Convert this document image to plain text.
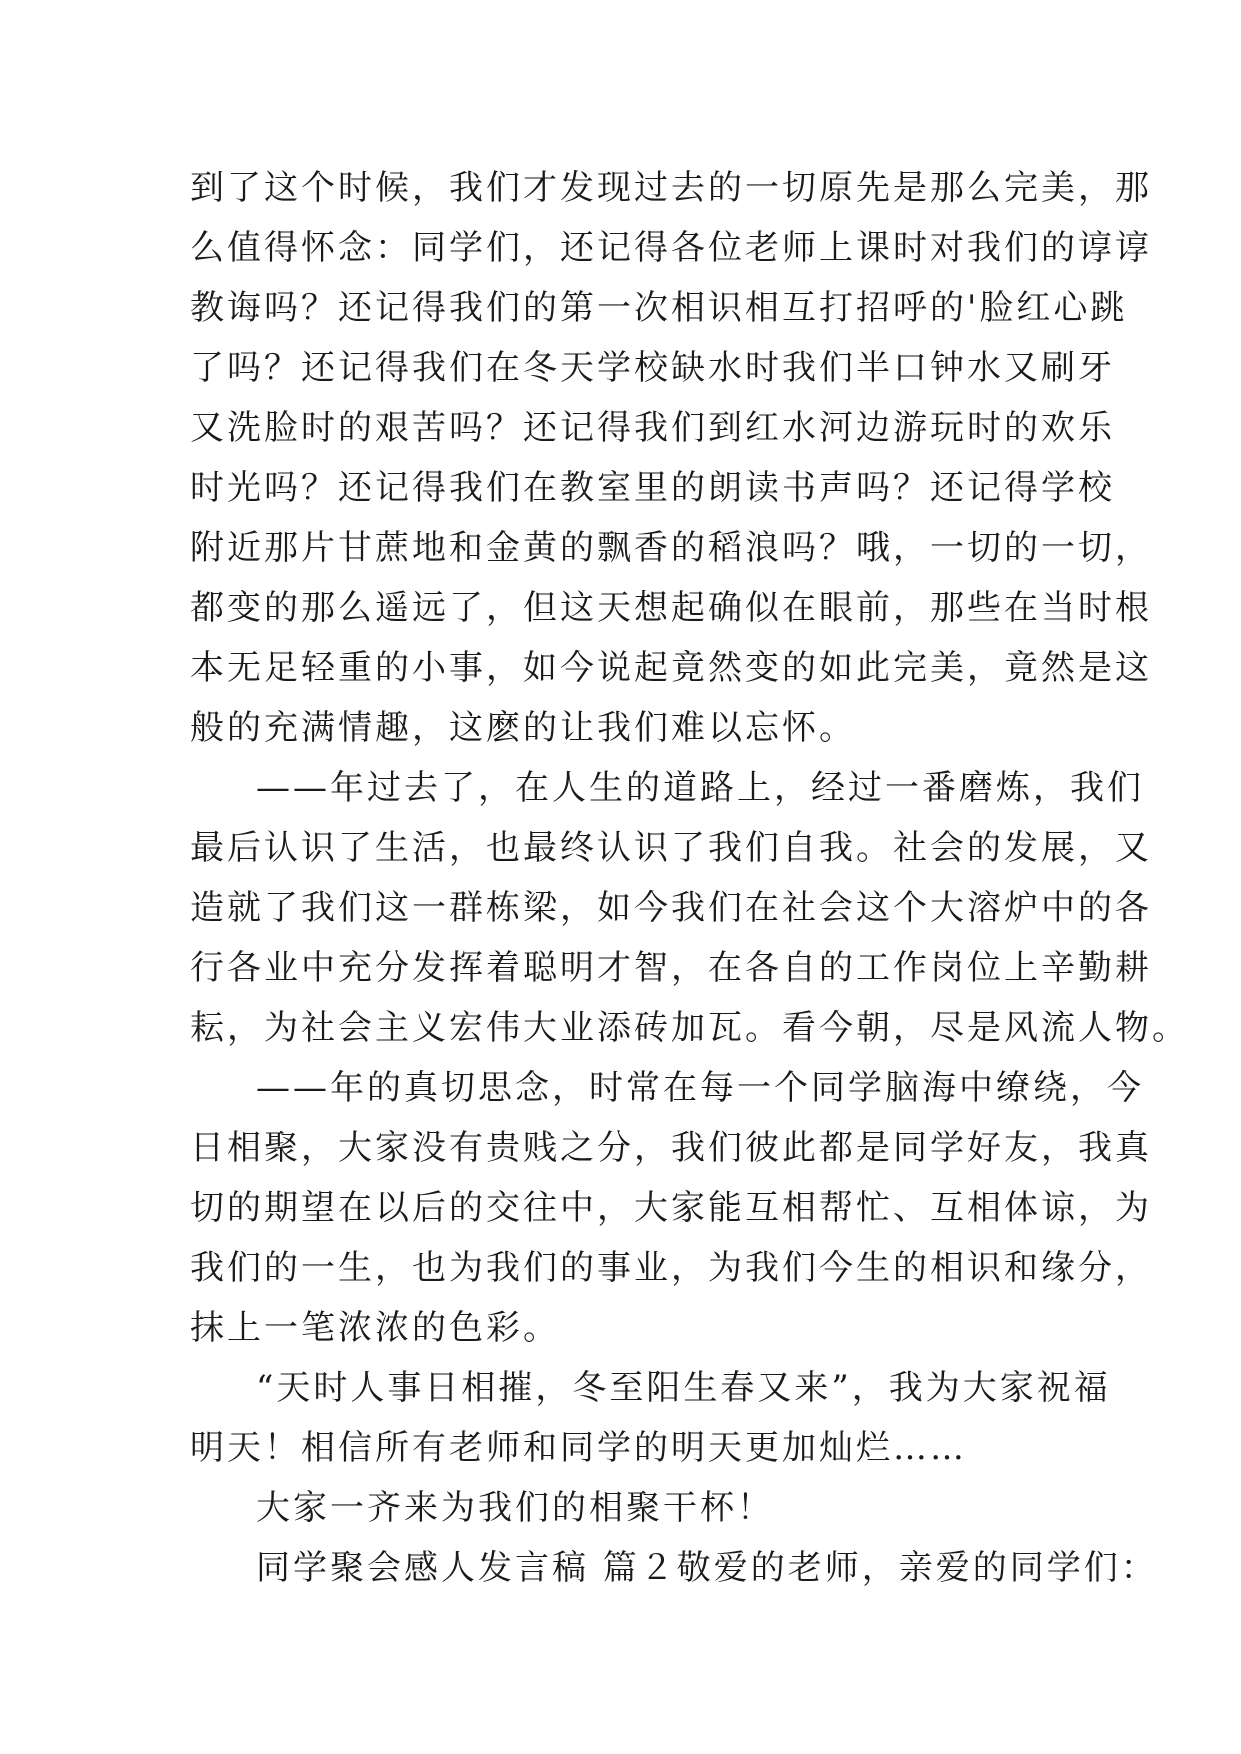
到了这个时候，我们才发现过去的一切原先是那么完美，那
么值得怀念：同学们，还记得各位老师上课时对我们的谆谆
教诲吗？还记得我们的第一次相识相互打招呼的'脸红心跳
了吗？还记得我们在冬天学校缺水时我们半口钟水又刷牙
又洗脸时的艰苦吗？还记得我们到红水河边游玩时的欢乐
时光吗？还记得我们在教室里的朗读书声吗？还记得学校
附近那片甘蔗地和金黄的飘香的稻浪吗？哦，一切的一切，
都变的那么遥远了，但这天想起确似在眼前，那些在当时根
本无足轻重的小事，如今说起竟然变的如此完美，竟然是这
般的充满情趣，这麽的让我们难以忘怀。
——年过去了，在人生的道路上，经过一番磨炼，我们
最后认识了生活，也最终认识了我们自我。社会的发展，又
造就了我们这一群栋梁，如今我们在社会这个大溶炉中的各
行各业中充分发挥着聪明才智，在各自的工作岗位上辛勤耕
耘，为社会主义宏伟大业添砖加瓦。看今朝，尽是风流人物。
——年的真切思念，时常在每一个同学脑海中缭绕，今
日相聚，大家没有贵贱之分，我们彼此都是同学好友，我真
切的期望在以后的交往中，大家能互相帮忙、互相体谅，为
我们的一生，也为我们的事业，为我们今生的相识和缘分，
抹上一笔浓浓的色彩。
“天时人事日相摧，冬至阳生春又来”，我为大家祝福
明天！相信所有老师和同学的明天更加灿烂……
大家一齐来为我们的相聚干杯！
同学聚会感人发言稿 篇２敬爱的老师，亲爱的同学们：
